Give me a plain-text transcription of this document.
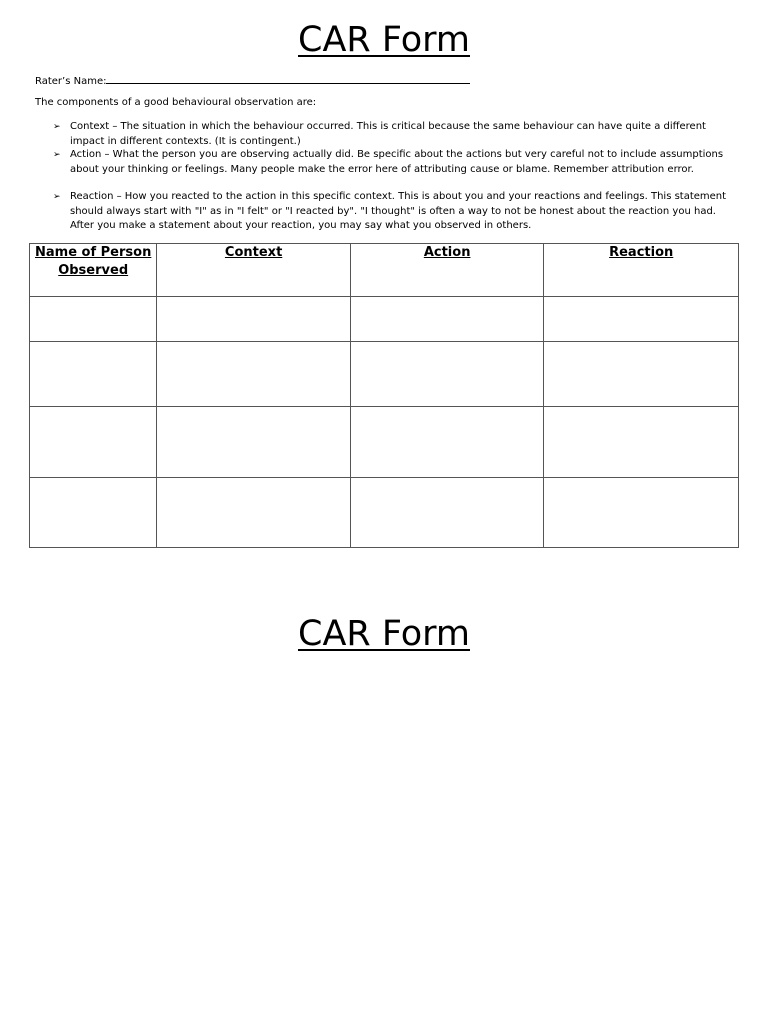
CAR Form
Rater’s Name:
The components of a good behavioural observation are:
➢ Context – The situation in which the behaviour occurred. This is critical because the same behaviour can have quite a different impact in different contexts. (It is contingent.)
➢ Action – What the person you are observing actually did. Be specific about the actions but very careful not to include assumptions about your thinking or feelings. Many people make the error here of attributing cause or blame. Remember attribution error.
➢ Reaction – How you reacted to the action in this specific context. This is about you and your reactions and feelings. This statement should always start with "I" as in "I felt" or "I reacted by". "I thought" is often a way to not be honest about the reaction you had. After you make a statement about your reaction, you may say what you observed in others.
Name of Person Observed	Context	Action	Reaction

CAR Form
